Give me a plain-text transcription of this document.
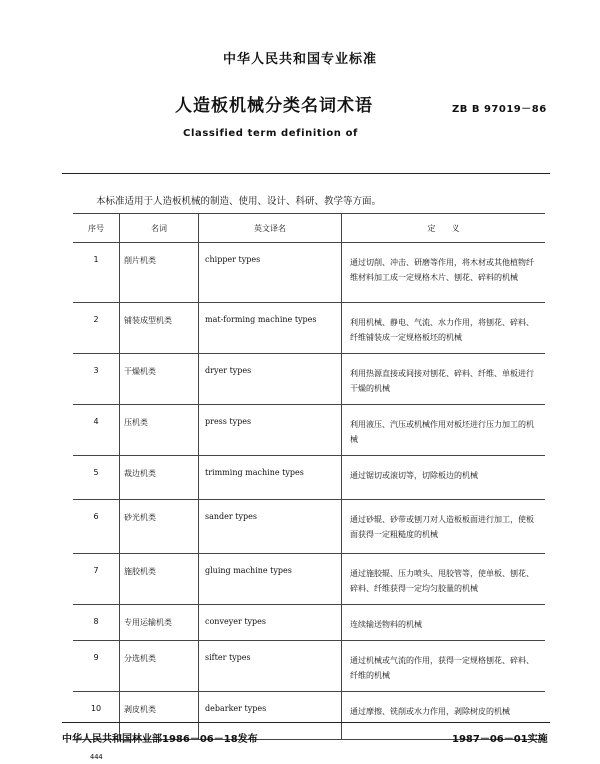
中华人民共和国专业标准
人造板机械分类名词术语	ZB B 97019－86
Classified term definition of
本标准适用于人造板机械的制造、使用、设计、科研、教学等方面。
序号	名词	英文译名	定　　义
1	削片机类	chipper types	通过切削、冲击、研磨等作用，将木材或其他植物纤维材料加工成一定规格木片、刨花、碎料的机械
2	铺装成型机类	mat-forming machine types	利用机械、静电、气流、水力作用，将刨花、碎料、纤维铺装成一定规格板坯的机械
3	干燥机类	dryer types	利用热源直接或间接对刨花、碎料、纤维、单板进行干燥的机械
4	压机类	press types	利用液压、汽压或机械作用对板坯进行压力加工的机械
5	裁边机类	trimming machine types	通过锯切或滚切等，切除板边的机械
6	砂光机类	sander types	通过砂辊、砂带或刨刀对人造板板面进行加工，使板面获得一定粗糙度的机械
7	施胶机类	gluing machine types	通过施胶辊、压力喷头、甩胶管等，使单板、刨花、碎料、纤维获得一定均匀胶量的机械
8	专用运输机类	conveyer types	连续输送物料的机械
9	分选机类	sifter types	通过机械或气流的作用，获得一定规格刨花、碎料、纤维的机械
10	剥皮机类	debarker types	通过摩擦、铣削或水力作用，剥除树皮的机械
中华人民共和国林业部1986－06－18发布	1987－06－01实施
444
